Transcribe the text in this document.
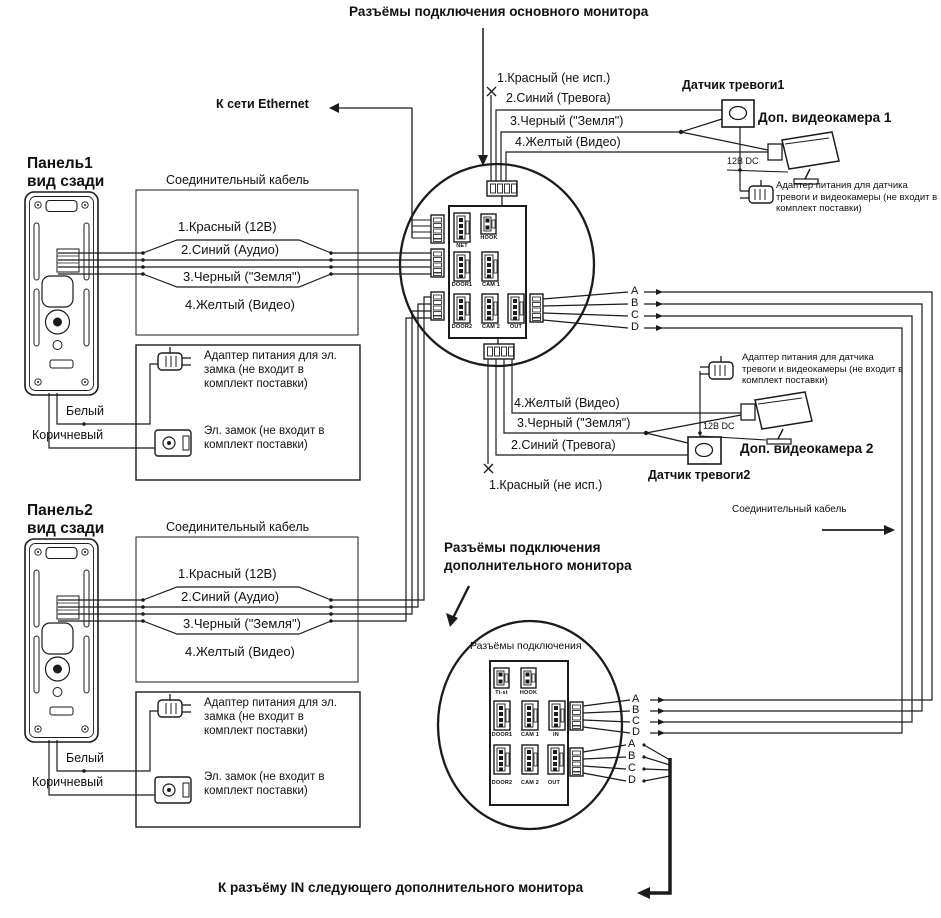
Разъёмы подключения основного монитора
К сети Ethernet
1.Красный (не исп.)
2.Синий (Тревога)
3.Черный ("Земля")
4.Желтый (Видео)
Датчик тревоги1
Доп. видеокамера 1
12В DC
Адаптер питания для датчика тревоги и видеокамеры (не входит в комплект поставки)
A
B
C
D
Панель1
вид сзади	Соединительный кабель
1.Красный (12В)
2.Синий (Аудио)
3.Черный ("Земля")
4.Желтый (Видео)
Белый
Коричневый
Адаптер питания для эл. замка (не входит в комплект поставки)
Эл. замок (не входит в комплект поставки)
NET
HOOK
DOOR1	CAM 1
DOOR2	CAM 2	OUT
4.Желтый (Видео)
3.Черный ("Земля")
2.Синий (Тревога)
1.Красный (не исп.)
Адаптер питания для датчика тревоги и видеокамеры (не входит в комплект поставки)
12В DC
Доп. видеокамера 2
Датчик тревоги2
Соединительный кабель
Разъёмы подключения
дополнительного монитора
Разъёмы подключения
Панель2
вид сзади	Соединительный кабель
1.Красный (12В)
2.Синий (Аудио)
3.Черный ("Земля")
4.Желтый (Видео)
Белый
Коричневый
Адаптер питания для эл. замка (не входит в комплект поставки)
Эл. замок (не входит в комплект поставки)
Ti-st	HOOK
DOOR1	CAM 1	IN
DOOR2	CAM 2	OUT
A
B
C
D
A
B
C
D
К разъёму IN следующего дополнительного монитора
